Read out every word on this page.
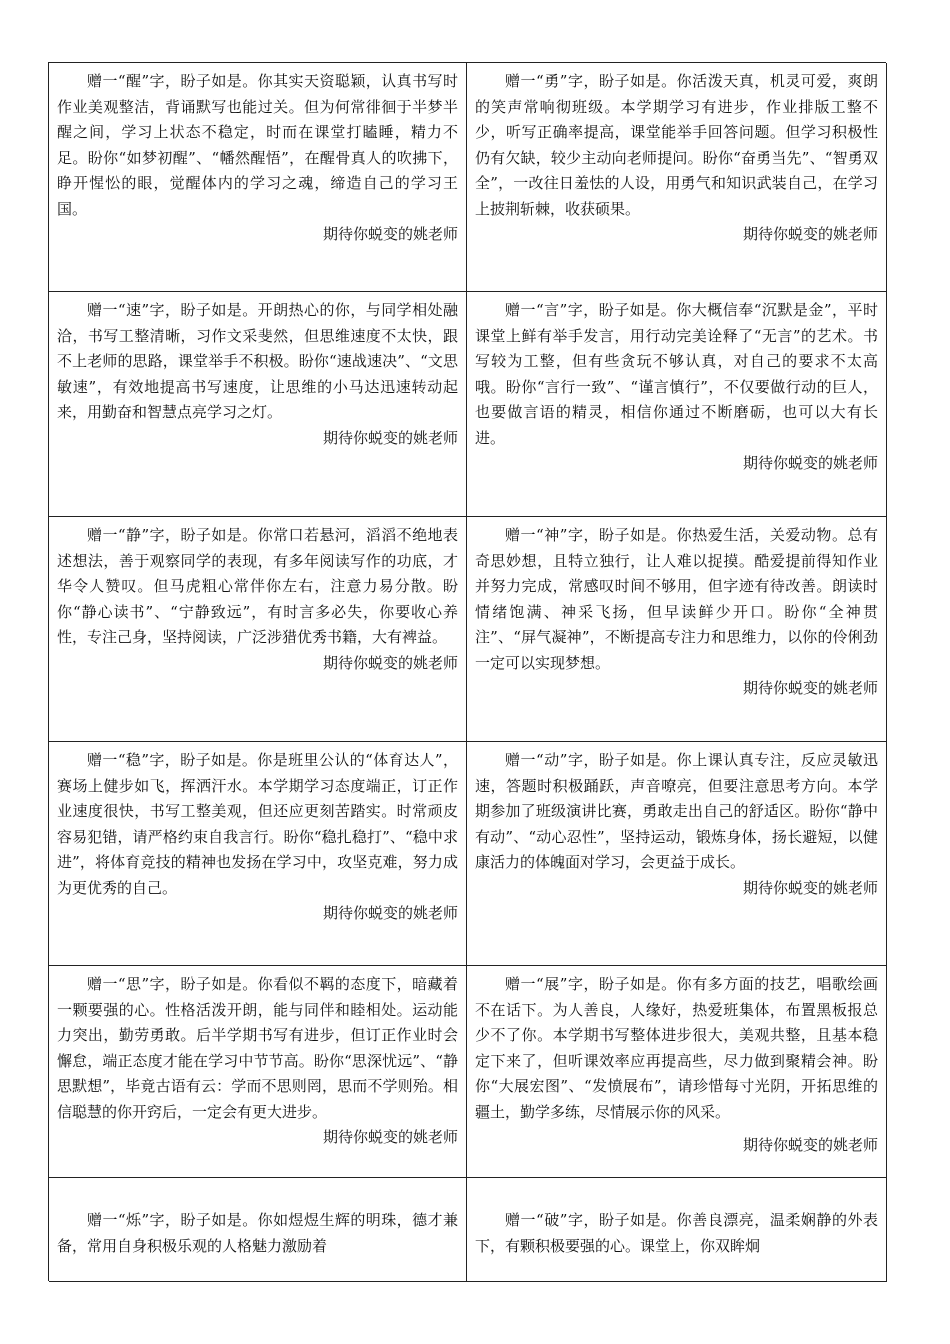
赠一“醒”字，盼子如是。你其实天资聪颖，认真书写时作业美观整洁，背诵默写也能过关。但为何常徘徊于半梦半醒之间，学习上状态不稳定，时而在课堂打瞌睡，精力不足。盼你“如梦初醒”、“幡然醒悟”，在醒骨真人的吹拂下，睁开惺忪的眼，觉醒体内的学习之魂，缔造自己的学习王国。

期待你蜕变的姚老师

赠一“勇”字，盼子如是。你活泼天真，机灵可爱，爽朗的笑声常响彻班级。本学期学习有进步，作业排版工整不少，听写正确率提高，课堂能举手回答问题。但学习积极性仍有欠缺，较少主动向老师提问。盼你“奋勇当先”、“智勇双全”，一改往日羞怯的人设，用勇气和知识武装自己，在学习上披荆斩棘，收获硕果。

期待你蜕变的姚老师

赠一“速”字，盼子如是。开朗热心的你，与同学相处融洽，书写工整清晰，习作文采斐然，但思维速度不太快，跟不上老师的思路，课堂举手不积极。盼你“速战速决”、“文思敏速”，有效地提高书写速度，让思维的小马达迅速转动起来，用勤奋和智慧点亮学习之灯。

期待你蜕变的姚老师

赠一“言”字，盼子如是。你大概信奉“沉默是金”，平时课堂上鲜有举手发言，用行动完美诠释了“无言”的艺术。书写较为工整，但有些贪玩不够认真，对自己的要求不太高哦。盼你“言行一致”、“谨言慎行”，不仅要做行动的巨人，也要做言语的精灵，相信你通过不断磨砺，也可以大有长进。

期待你蜕变的姚老师

赠一“静”字，盼子如是。你常口若悬河，滔滔不绝地表述想法，善于观察同学的表现，有多年阅读写作的功底，才华令人赞叹。但马虎粗心常伴你左右，注意力易分散。盼你“静心读书”、“宁静致远”，有时言多必失，你要收心养性，专注己身，坚持阅读，广泛涉猎优秀书籍，大有裨益。

期待你蜕变的姚老师

赠一“神”字，盼子如是。你热爱生活，关爱动物。总有奇思妙想，且特立独行，让人难以捉摸。酷爱提前得知作业并努力完成，常感叹时间不够用，但字迹有待改善。朗读时情绪饱满、神采飞扬，但早读鲜少开口。盼你“全神贯注”、“屏气凝神”，不断提高专注力和思维力，以你的伶俐劲一定可以实现梦想。

期待你蜕变的姚老师

赠一“稳”字，盼子如是。你是班里公认的“体育达人”，赛场上健步如飞，挥洒汗水。本学期学习态度端正，订正作业速度很快，书写工整美观，但还应更刻苦踏实。时常顽皮容易犯错，请严格约束自我言行。盼你“稳扎稳打”、“稳中求进”，将体育竞技的精神也发扬在学习中，攻坚克难，努力成为更优秀的自己。

期待你蜕变的姚老师

赠一“动”字，盼子如是。你上课认真专注，反应灵敏迅速，答题时积极踊跃，声音嘹亮，但要注意思考方向。本学期参加了班级演讲比赛，勇敢走出自己的舒适区。盼你“静中有动”、“动心忍性”，坚持运动，锻炼身体，扬长避短，以健康活力的体魄面对学习，会更益于成长。

期待你蜕变的姚老师

赠一“思”字，盼子如是。你看似不羁的态度下，暗藏着一颗要强的心。性格活泼开朗，能与同伴和睦相处。运动能力突出，勤劳勇敢。后半学期书写有进步，但订正作业时会懈怠，端正态度才能在学习中节节高。盼你“思深忧远”、“静思默想”，毕竟古语有云：学而不思则罔，思而不学则殆。相信聪慧的你开窍后，一定会有更大进步。

期待你蜕变的姚老师

赠一“展”字，盼子如是。你有多方面的技艺，唱歌绘画不在话下。为人善良，人缘好，热爱班集体，布置黑板报总少不了你。本学期书写整体进步很大，美观共整，且基本稳定下来了，但听课效率应再提高些，尽力做到聚精会神。盼你“大展宏图”、“发愤展布”，请珍惜每寸光阴，开拓思维的疆土，勤学多练，尽情展示你的风采。

期待你蜕变的姚老师

赠一“烁”字，盼子如是。你如煜煜生辉的明珠，德才兼备，常用自身积极乐观的人格魅力激励着

赠一“破”字，盼子如是。你善良漂亮，温柔娴静的外表下，有颗积极要强的心。课堂上，你双眸炯
